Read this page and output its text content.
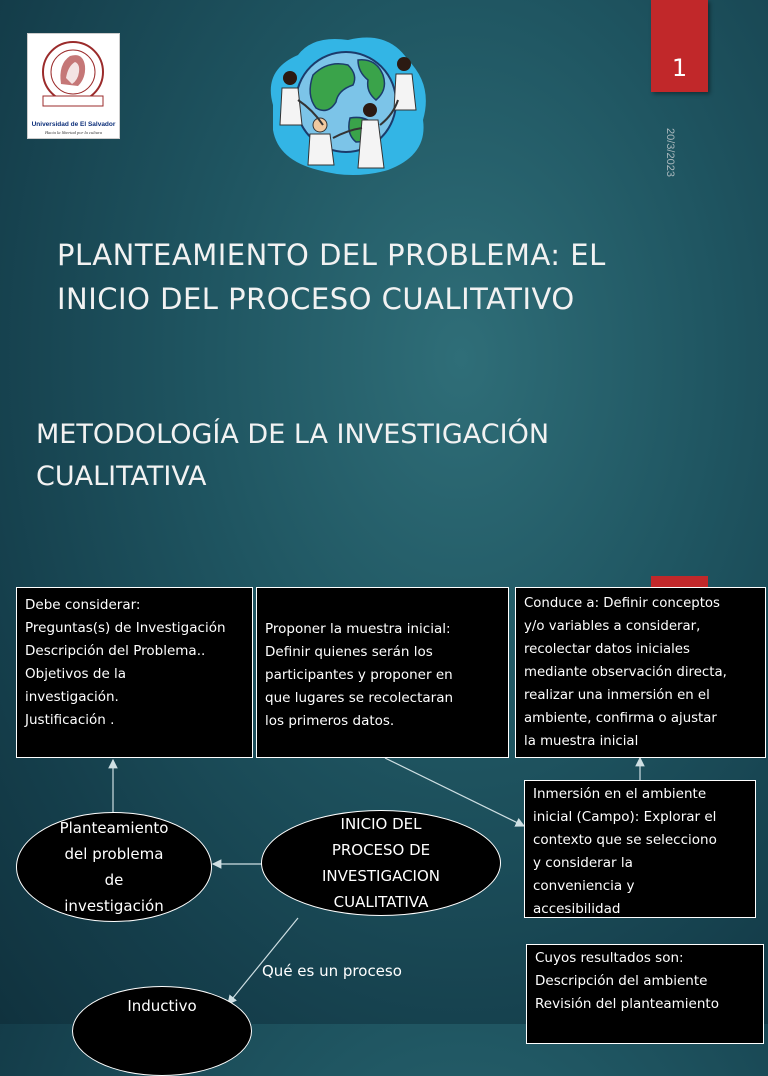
Universidad de El Salvador
Hacia la libertad por la cultura
1
20/3/2023
PLANTEAMIENTO DEL PROBLEMA: EL
INICIO DEL PROCESO CUALITATIVO
METODOLOGÍA DE LA INVESTIGACIÓN
CUALITATIVA
Debe considerar:
Preguntas(s) de Investigación
Descripción del Problema..
Objetivos de la
investigación.
Justificación .
Proponer la muestra inicial:
Definir quienes serán los
participantes y proponer en
que lugares se recolectaran
los primeros datos.
Conduce a: Definir conceptos
y/o variables a considerar,
recolectar datos iniciales
mediante observación directa,
realizar una inmersión en el
ambiente, confirma o ajustar
la muestra inicial
Inmersión en el ambiente
inicial (Campo): Explorar el
contexto que se selecciono
y considerar la
conveniencia y
accesibilidad
Cuyos resultados son:
Descripción del ambiente
Revisión del planteamiento
Planteamiento
del problema
de
investigación
INICIO DEL
PROCESO DE
INVESTIGACION
CUALITATIVA
Inductivo
Qué es un proceso
